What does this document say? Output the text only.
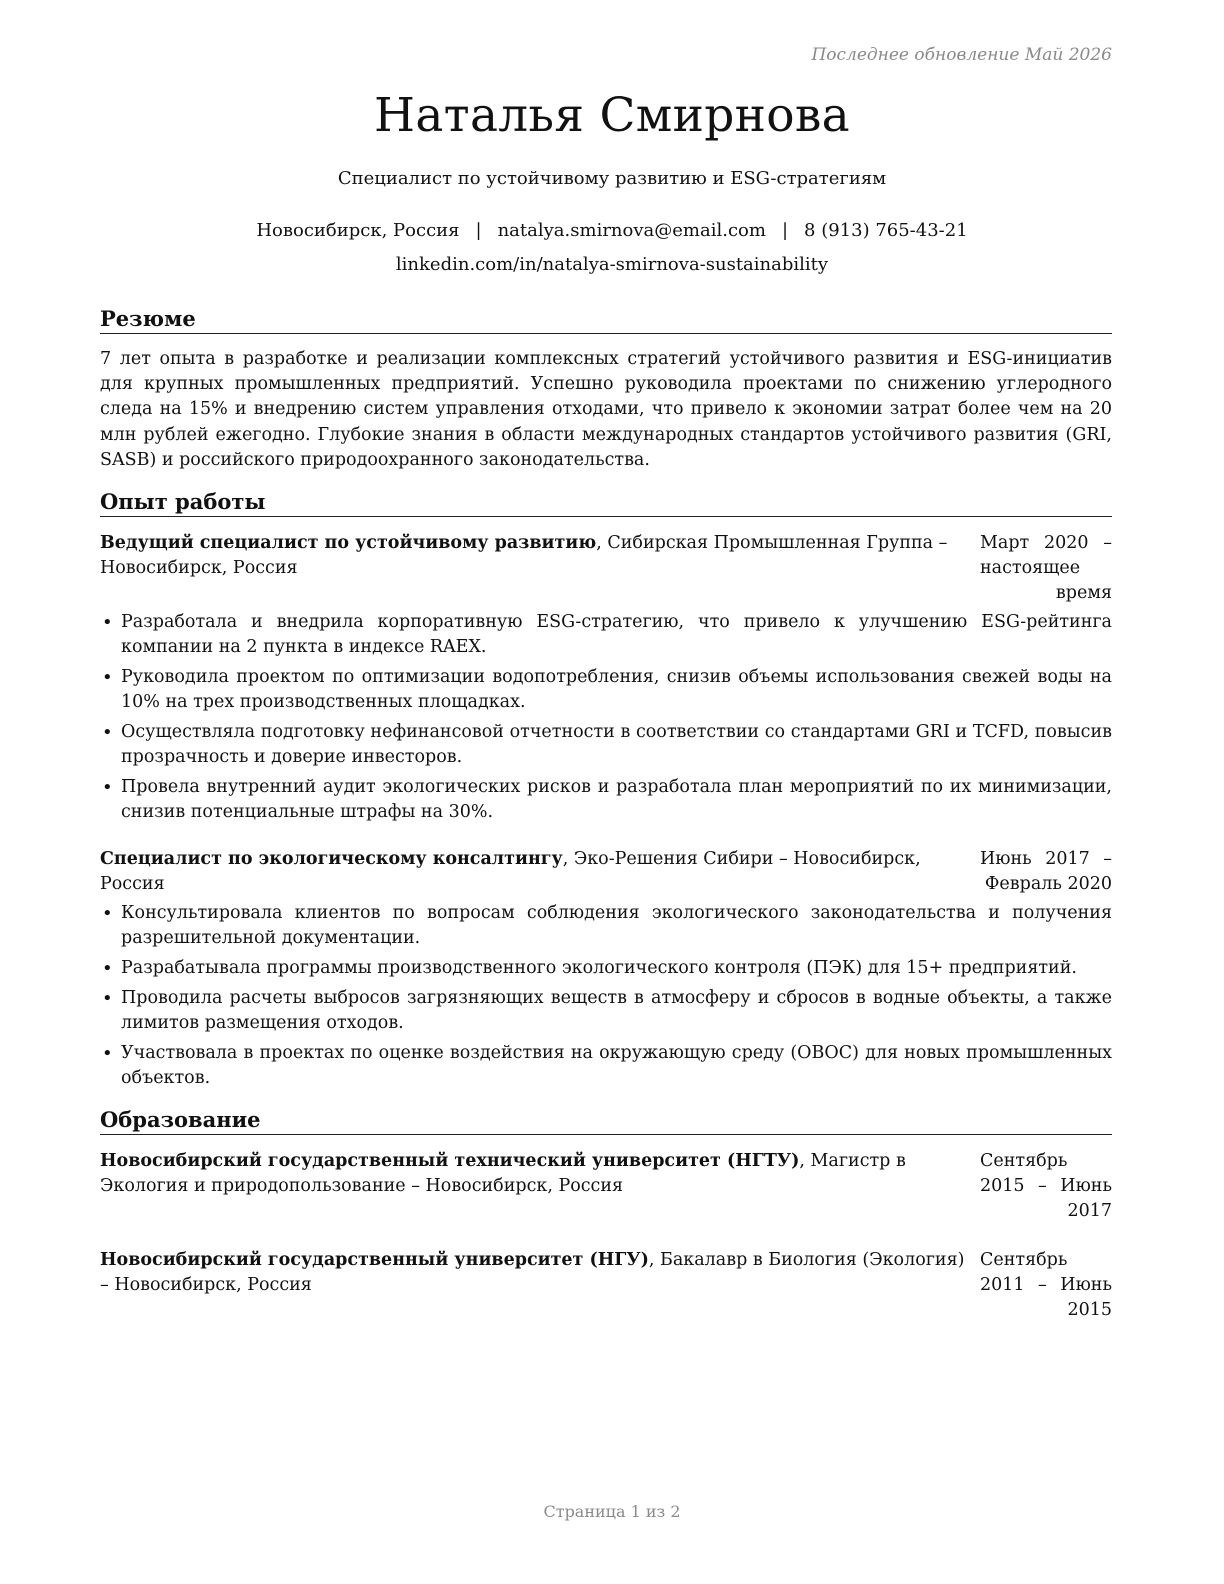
Последнее обновление Май 2026
Наталья Смирнова
Специалист по устойчивому развитию и ESG-стратегиям
Новосибирск, Россия | natalya.smirnova@email.com | 8 (913) 765-43-21
linkedin.com/in/natalya-smirnova-sustainability
Резюме

7 лет опыта в разработке и реализации комплексных стратегий устойчивого развития и ESG-инициатив для крупных промышленных предприятий. Успешно руководила проектами по снижению углеродного следа на 15% и внедрению систем управления отходами, что привело к экономии затрат более чем на 20 млн рублей ежегодно. Глубокие знания в области международных стандартов устойчивого развития (GRI, SASB) и российского природоохранного законодательства.

Опыт работы
Ведущий специалист по устойчивому развитию, Сибирская Промышленная Группа – Новосибирск, Россия
Март 2020 – настоящее время
• Разработала и внедрила корпоративную ESG-стратегию, что привело к улучшению ESG-рейтинга компании на 2 пункта в индексе RAEX.
• Руководила проектом по оптимизации водопотребления, снизив объемы использования свежей воды на 10% на трех производственных площадках.
• Осуществляла подготовку нефинансовой отчетности в соответствии со стандартами GRI и TCFD, повысив прозрачность и доверие инвесторов.
• Провела внутренний аудит экологических рисков и разработала план мероприятий по их минимизации, снизив потенциальные штрафы на 30%.
Специалист по экологическому консалтингу, Эко-Решения Сибири – Новосибирск, Россия
Июнь 2017 – Февраль 2020
• Консультировала клиентов по вопросам соблюдения экологического законодательства и получения разрешительной документации.
• Разрабатывала программы производственного экологического контроля (ПЭК) для 15+ предприятий.
• Проводила расчеты выбросов загрязняющих веществ в атмосферу и сбросов в водные объекты, а также лимитов размещения отходов.
• Участвовала в проектах по оценке воздействия на окружающую среду (ОВОС) для новых промышленных объектов.
Образование
Новосибирский государственный технический университет (НГТУ), Магистр в Экология и природопользование – Новосибирск, Россия
Сентябрь 2015 – Июнь 2017
Новосибирский государственный университет (НГУ), Бакалавр в Биология (Экология) – Новосибирск, Россия
Сентябрь 2011 – Июнь 2015
Страница 1 из 2
